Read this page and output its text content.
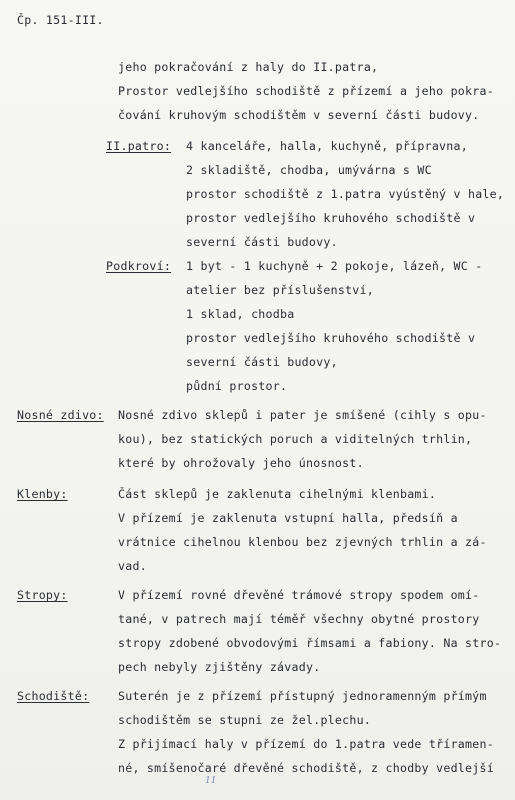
Čp. 151-III.
jeho pokračování z haly do II.patra,
Prostor vedlejšího schodiště z přízemí a jeho pokra-
čování kruhovým schodištěm v severní části budovy.
II.patro: 4 kanceláře, halla, kuchyně, přípravna,
2 skladiště, chodba, umývárna s WC
prostor schodiště z 1.patra vyústěný v hale,
prostor vedlejšího kruhového schodiště v
severní části budovy.
Podkroví: 1 byt - 1 kuchyně + 2 pokoje, lázeň, WC -
atelier bez příslušenství,
1 sklad, chodba
prostor vedlejšího kruhového schodiště v
severní části budovy,
půdní prostor.
Nosné zdivo: Nosné zdivo sklepů i pater je smíšené (cihly s opu-
kou), bez statických poruch a viditelných trhlin,
které by ohrožovaly jeho únosnost.
Klenby:	Část sklepů je zaklenuta cihelnými klenbami.
V přízemí je zaklenuta vstupní halla, předsíň a
vrátnice cihelnou klenbou bez zjevných trhlin a zá-
vad.
Stropy:	V přízemí rovné dřevěné trámové stropy spodem omí-
tané, v patrech mají téměř všechny obytné prostory
stropy zdobené obvodovými římsami a fabiony. Na stro-
pech nebyly zjištěny závady.
Schodiště: Suterén je z přízemí přístupný jednoramenným přímým
schodištěm se stupni ze žel.plechu.
Z přijímací haly v přízemí do 1.patra vede tříramen-
né, smíšenočaré dřevěné schodiště, z chodby vedlejší
11
